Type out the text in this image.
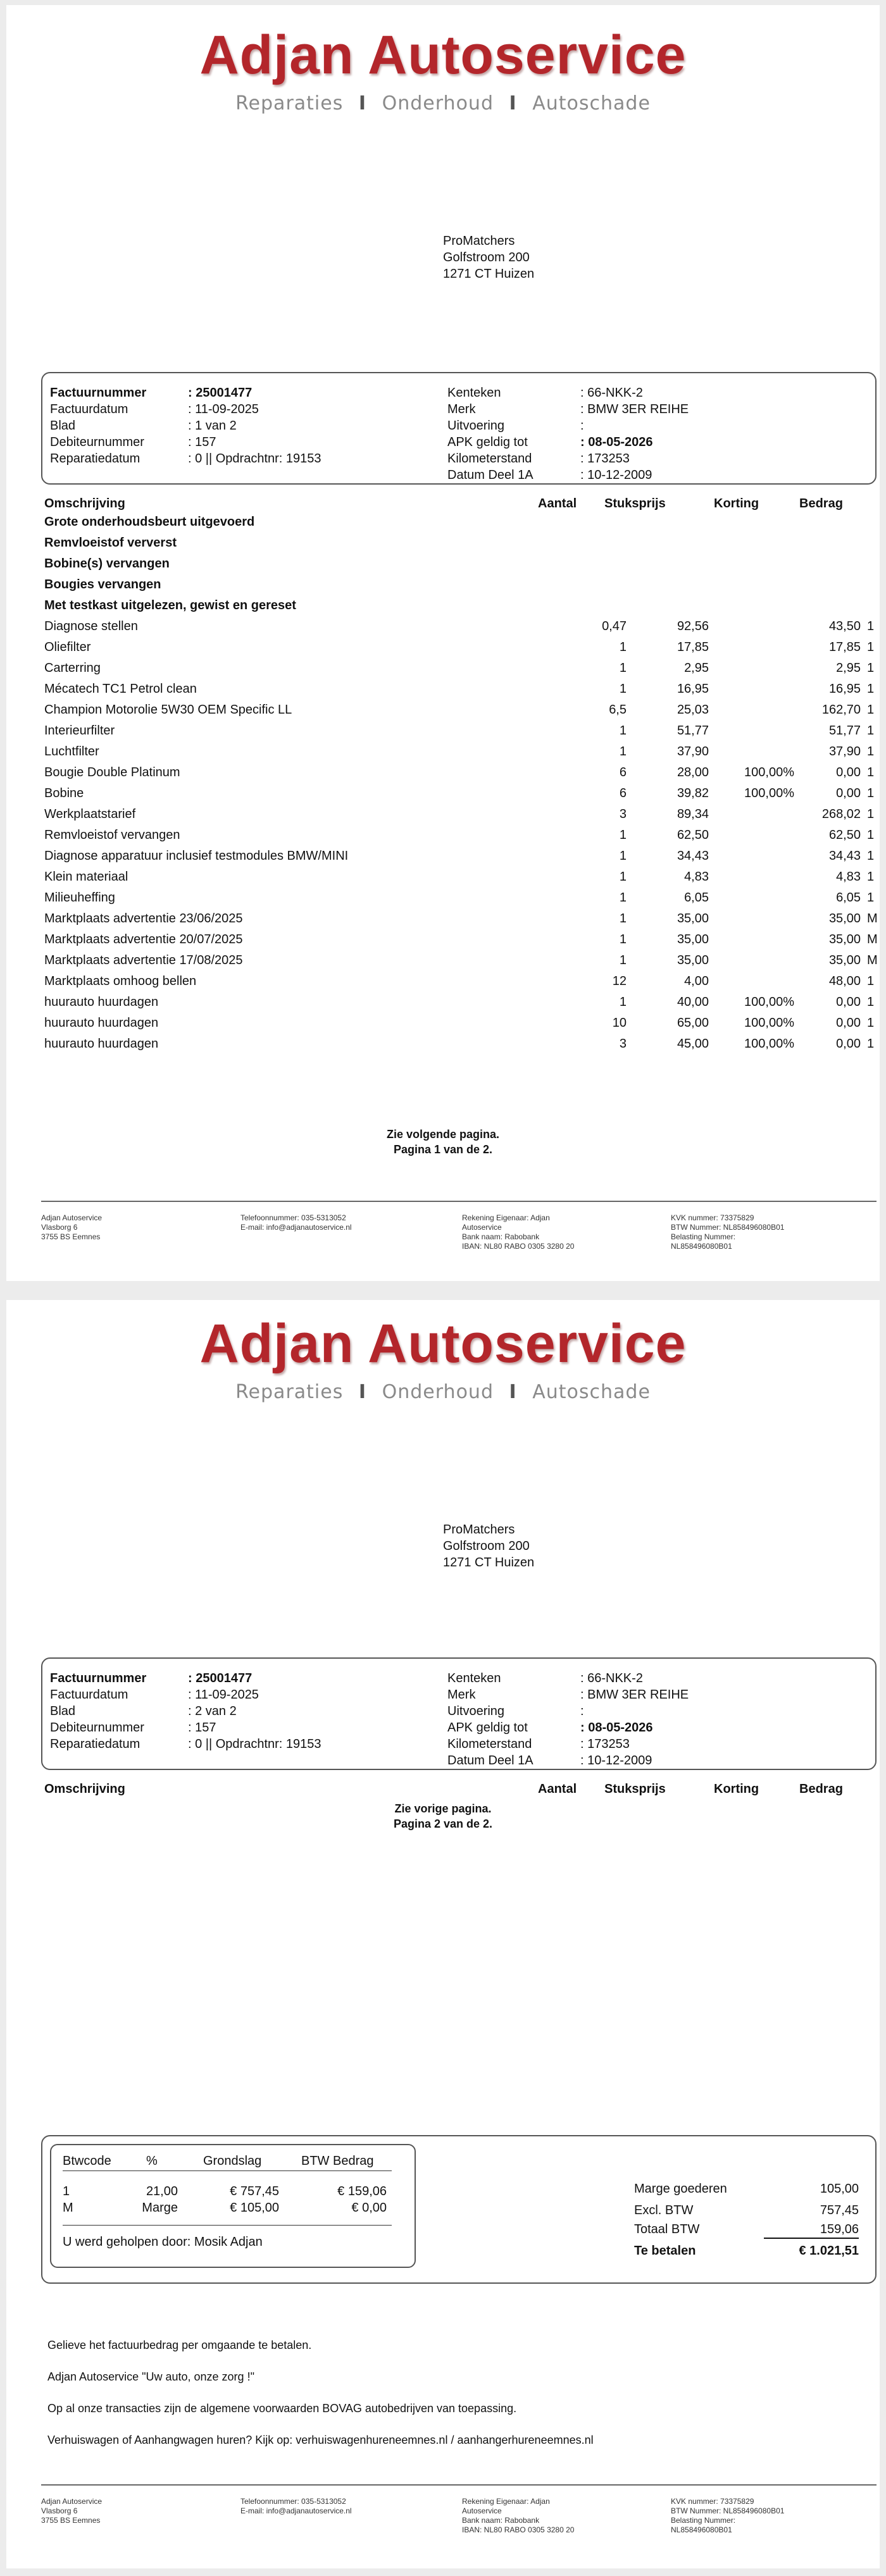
Adjan Autoservice
Reparaties I Onderhoud I Autoschade
ProMatchers
Golfstroom 200
1271 CT Huizen
Factuurnummer	: 25001477
Factuurdatum	: 11-09-2025
Blad	: 1 van 2
Debiteurnummer	: 157
Reparatiedatum	: 0 || Opdrachtnr: 19153
Kenteken	: 66-NKK-2
Merk	: BMW 3ER REIHE
Uitvoering	:
APK geldig tot	: 08-05-2026
Kilometerstand	: 173253
Datum Deel 1A	: 10-12-2009
Omschrijving	Aantal Stuksprijs	Korting	Bedrag
Grote onderhoudsbeurt uitgevoerd
Remvloeistof ververst
Bobine(s) vervangen
Bougies vervangen
Met testkast uitgelezen, gewist en gereset
Diagnose stellen	0,47	92,56	43,50 1
Oliefilter	1	17,85	17,85 1
Carterring	1	2,95	2,95 1
Mécatech TC1 Petrol clean	1	16,95	16,95 1
Champion Motorolie 5W30 OEM Specific LL	6,5	25,03	162,70 1
Interieurfilter	1	51,77	51,77 1
Luchtfilter	1	37,90	37,90 1
Bougie Double Platinum	6	28,00	100,00%	0,00 1
Bobine	6	39,82	100,00%	0,00 1
Werkplaatstarief	3	89,34	268,02 1
Remvloeistof vervangen	1	62,50	62,50 1
Diagnose apparatuur inclusief testmodules BMW/MINI	1	34,43	34,43 1
Klein materiaal	1	4,83	4,83 1
Milieuheffing	1	6,05	6,05 1
Marktplaats advertentie 23/06/2025	1	35,00	35,00 M
Marktplaats advertentie 20/07/2025	1	35,00	35,00 M
Marktplaats advertentie 17/08/2025	1	35,00	35,00 M
Marktplaats omhoog bellen	12	4,00	48,00 1
huurauto huurdagen	1	40,00	100,00%	0,00 1
huurauto huurdagen	10	65,00	100,00%	0,00 1
huurauto huurdagen	3	45,00	100,00%	0,00 1
Zie volgende pagina.
Pagina 1 van de 2.
Adjan Autoservice
Vlasborg 6
3755 BS Eemnes
Telefoonnummer: 035-5313052
E-mail: info@adjanautoservice.nl
Rekening Eigenaar: Adjan
Autoservice
Bank naam: Rabobank
IBAN: NL80 RABO 0305 3280 20
KVK nummer: 73375829
BTW Nummer: NL858496080B01
Belasting Nummer:
NL858496080B01
Adjan Autoservice
Reparaties I Onderhoud I Autoschade
ProMatchers
Golfstroom 200
1271 CT Huizen
Factuurnummer	: 25001477
Factuurdatum	: 11-09-2025
Blad	: 2 van 2
Debiteurnummer	: 157
Reparatiedatum	: 0 || Opdrachtnr: 19153
Kenteken	: 66-NKK-2
Merk	: BMW 3ER REIHE
Uitvoering	:
APK geldig tot	: 08-05-2026
Kilometerstand	: 173253
Datum Deel 1A	: 10-12-2009
Omschrijving	Aantal Stuksprijs	Korting	Bedrag
Zie vorige pagina.
Pagina 2 van de 2.
Btwcode	%	Grondslag	BTW Bedrag
1	21,00	€ 757,45	€ 159,06
M	Marge	€ 105,00	€ 0,00
U werd geholpen door: Mosik Adjan
Marge goederen	105,00
Excl. BTW	757,45
Totaal BTW	159,06
Te betalen	€ 1.021,51
Gelieve het factuurbedrag per omgaande te betalen.
Adjan Autoservice "Uw auto, onze zorg !"
Op al onze transacties zijn de algemene voorwaarden BOVAG autobedrijven van toepassing.
Verhuiswagen of Aanhangwagen huren? Kijk op: verhuiswagenhureneemnes.nl / aanhangerhureneemnes.nl
Adjan Autoservice
Vlasborg 6
3755 BS Eemnes
Telefoonnummer: 035-5313052
E-mail: info@adjanautoservice.nl
Rekening Eigenaar: Adjan
Autoservice
Bank naam: Rabobank
IBAN: NL80 RABO 0305 3280 20
KVK nummer: 73375829
BTW Nummer: NL858496080B01
Belasting Nummer:
NL858496080B01
